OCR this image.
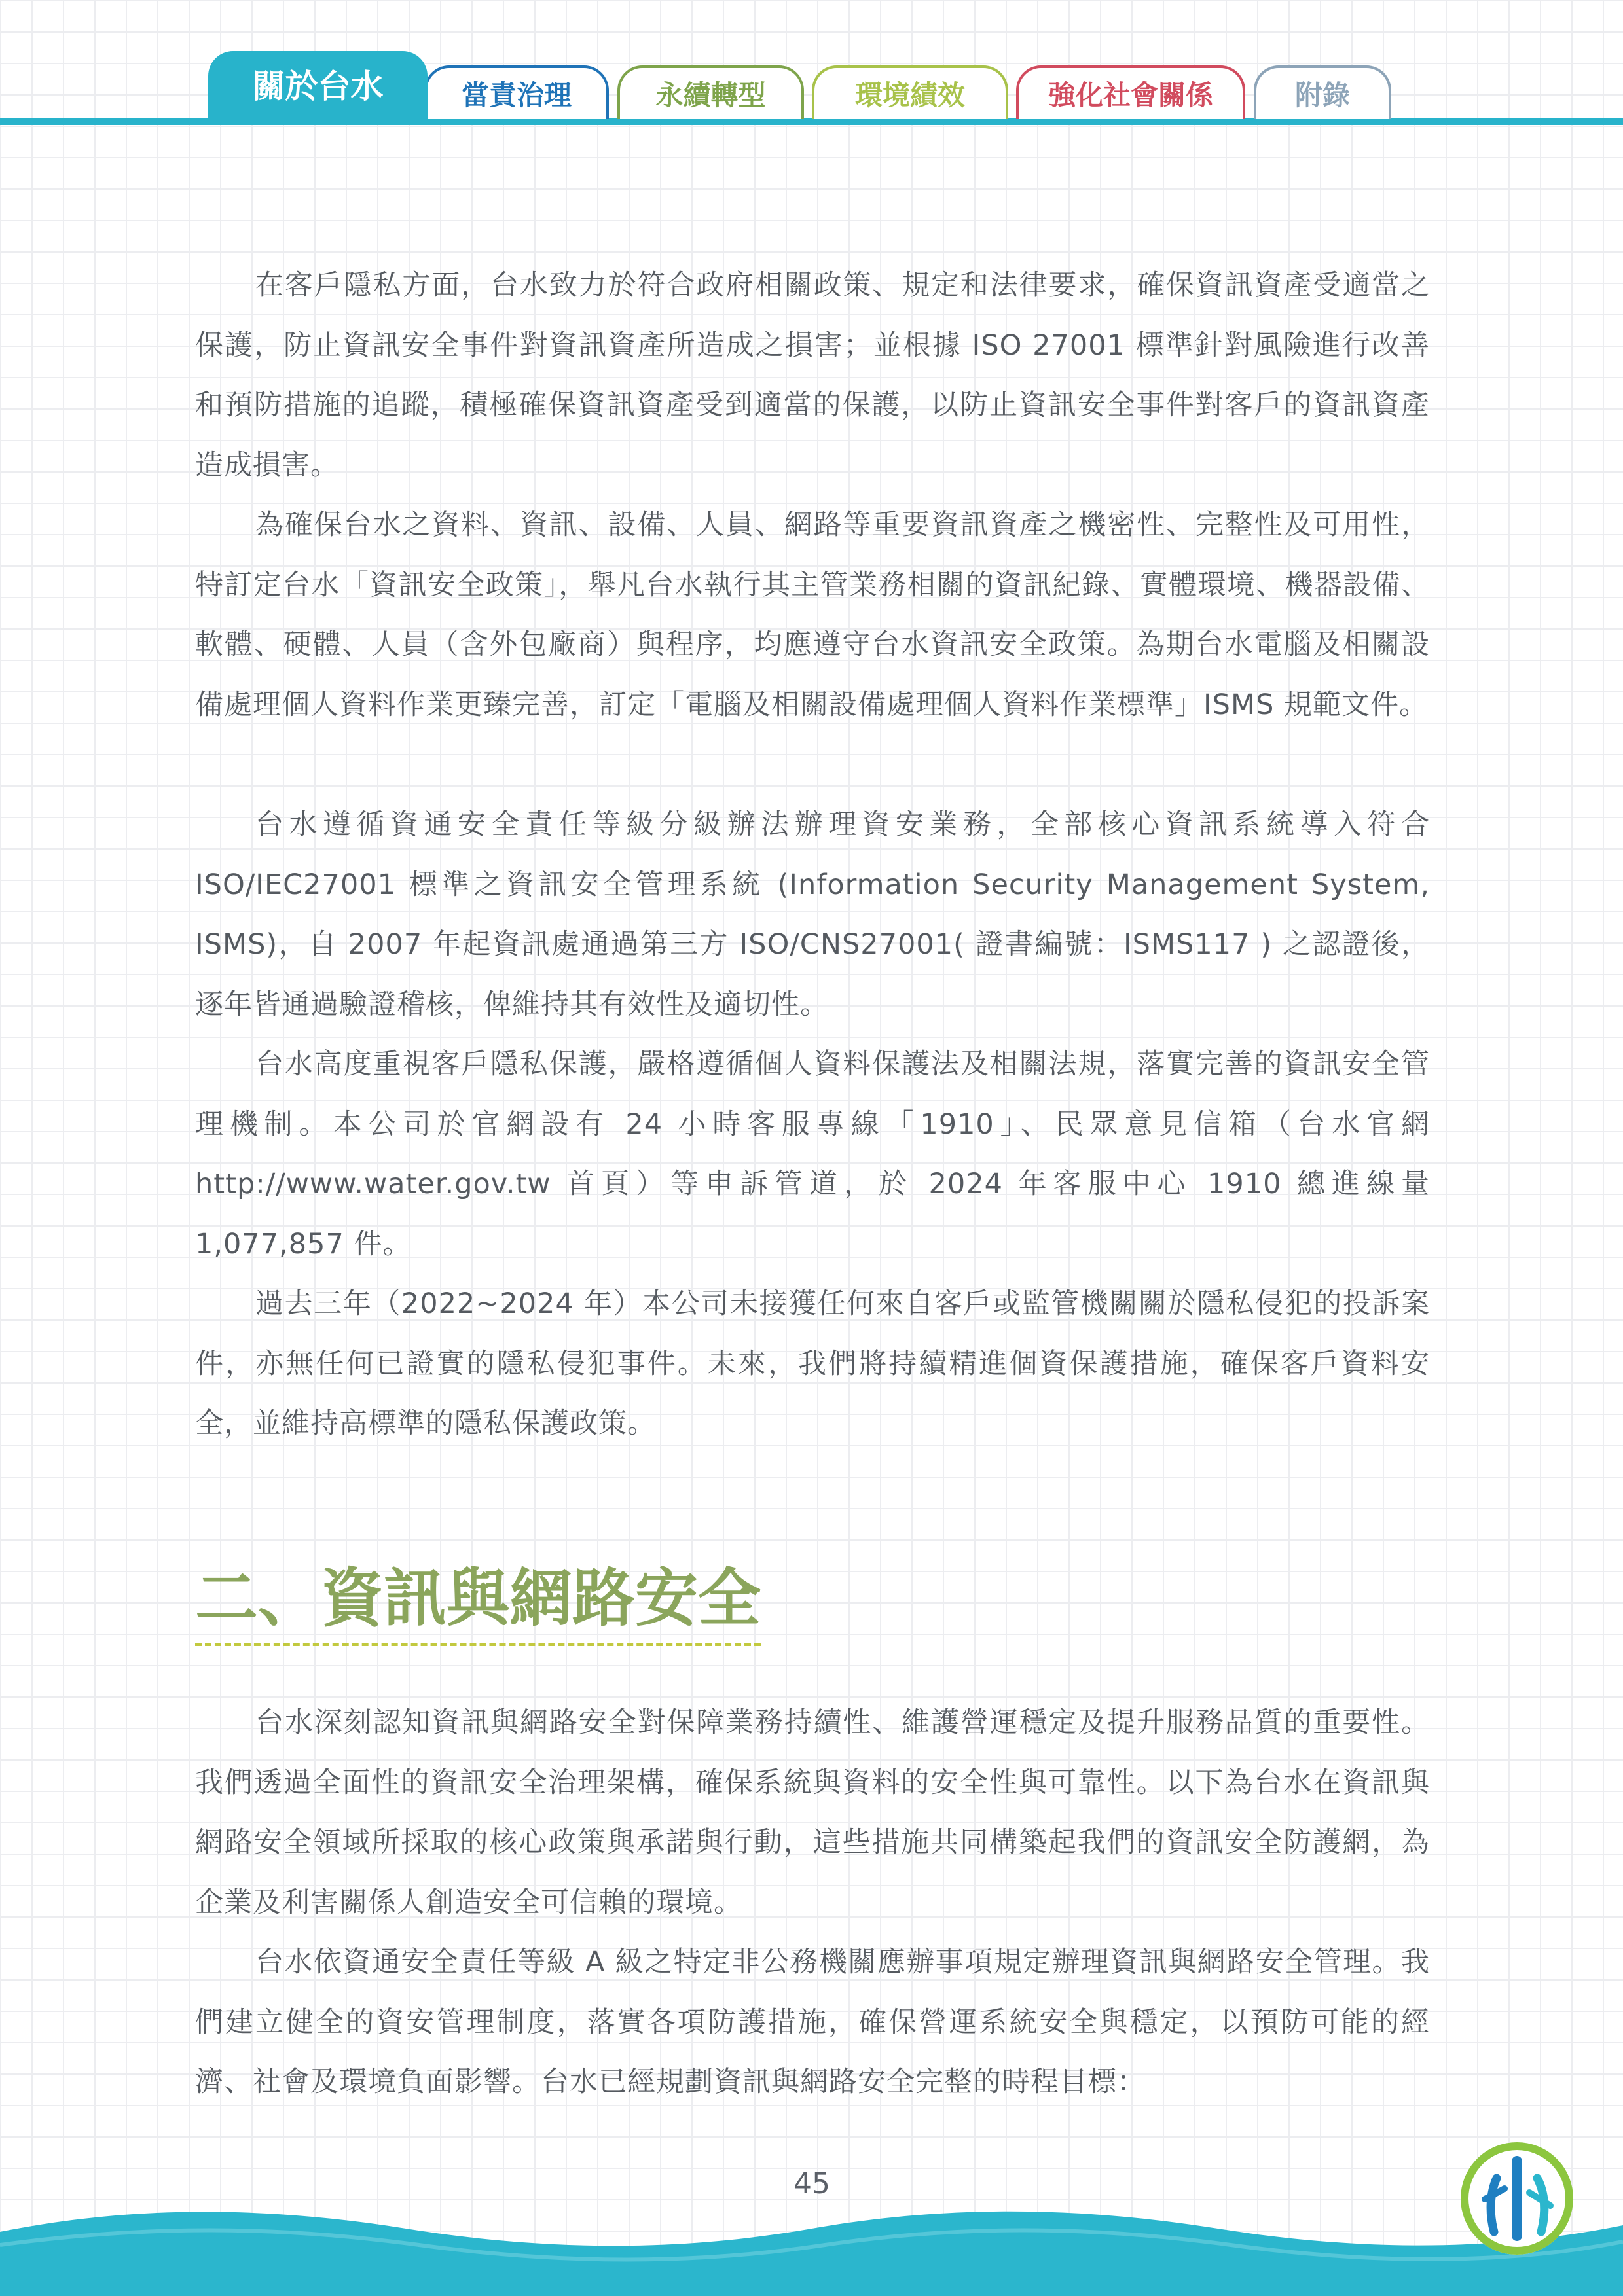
附錄
強化社會關係
環境績效
永續轉型
當責治理
關於台水

在客戶隱私方面，台水致力於符合政府相關政策、規定和法律要求，確保資訊資產受適當之保護，防止資訊安全事件對資訊資產所造成之損害；並根據 ISO 27001 標準針對風險進行改善和預防措施的追蹤，積極確保資訊資產受到適當的保護，以防止資訊安全事件對客戶的資訊資產造成損害。

為確保台水之資料、資訊、設備、人員、網路等重要資訊資產之機密性、完整性及可用性，特訂定台水「資訊安全政策」，舉凡台水執行其主管業務相關的資訊紀錄、實體環境、機器設備、軟體、硬體、人員（含外包廠商）與程序，均應遵守台水資訊安全政策。為期台水電腦及相關設備處理個人資料作業更臻完善，訂定「電腦及相關設備處理個人資料作業標準」ISMS 規範文件。

台水遵循資通安全責任等級分級辦法辦理資安業務，全部核心資訊系統導入符合 ISO/IEC27001 標準之資訊安全管理系統 (Information Security Management System, ISMS)，自 2007 年起資訊處通過第三方 ISO/CNS27001( 證書編號：ISMS117 ) 之認證後，逐年皆通過驗證稽核，俾維持其有效性及適切性。

台水高度重視客戶隱私保護，嚴格遵循個人資料保護法及相關法規，落實完善的資訊安全管理機制。本公司於官網設有 24 小時客服專線「1910」、民眾意見信箱（台水官網 http://www.water.gov.tw 首頁）等申訴管道，於 2024 年客服中心 1910 總進線量 1,077,857 件。

過去三年（2022~2024 年）本公司未接獲任何來自客戶或監管機關關於隱私侵犯的投訴案件，亦無任何已證實的隱私侵犯事件。未來，我們將持續精進個資保護措施，確保客戶資料安全，並維持高標準的隱私保護政策。

二、資訊與網路安全

台水深刻認知資訊與網路安全對保障業務持續性、維護營運穩定及提升服務品質的重要性。我們透過全面性的資訊安全治理架構，確保系統與資料的安全性與可靠性。以下為台水在資訊與網路安全領域所採取的核心政策與承諾與行動，這些措施共同構築起我們的資訊安全防護網，為企業及利害關係人創造安全可信賴的環境。

台水依資通安全責任等級 A 級之特定非公務機關應辦事項規定辦理資訊與網路安全管理。我們建立健全的資安管理制度，落實各項防護措施，確保營運系統安全與穩定，以預防可能的經濟、社會及環境負面影響。台水已經規劃資訊與網路安全完整的時程目標：

45
